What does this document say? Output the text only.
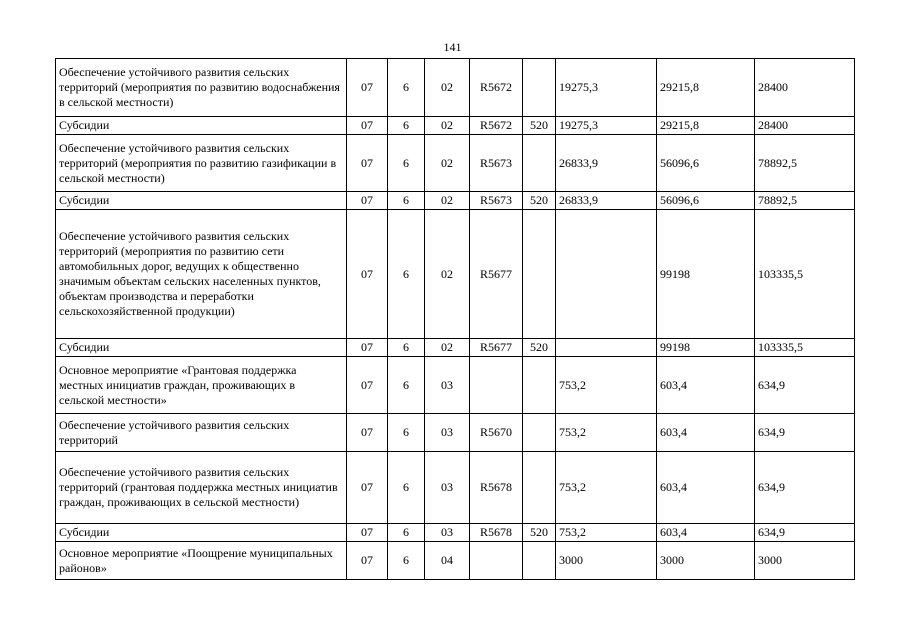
141
Обеспечение устойчивого развития сельских территорий (мероприятия по развитию водоснабжения в сельской местности)	07	6	02	R5672		19275,3	29215,8	28400
Субсидии	07	6	02	R5672	520	19275,3	29215,8	28400
Обеспечение устойчивого развития сельских территорий (мероприятия по развитию газификации в сельской местности)	07	6	02	R5673		26833,9	56096,6	78892,5
Субсидии	07	6	02	R5673	520	26833,9	56096,6	78892,5
Обеспечение устойчивого развития сельских территорий (мероприятия по развитию сети автомобильных дорог, ведущих к общественно значимым объектам сельских населенных пунктов, объектам производства и переработки сельскохозяйственной продукции)	07	6	02	R5677			99198	103335,5
Субсидии	07	6	02	R5677	520		99198	103335,5
Основное мероприятие «Грантовая поддержка местных инициатив граждан, проживающих в сельской местности»	07	6	03			753,2	603,4	634,9
Обеспечение устойчивого развития сельских территорий	07	6	03	R5670		753,2	603,4	634,9
Обеспечение устойчивого развития сельских территорий (грантовая поддержка местных инициатив граждан, проживающих в сельской местности)	07	6	03	R5678		753,2	603,4	634,9
Субсидии	07	6	03	R5678	520	753,2	603,4	634,9
Основное мероприятие «Поощрение муниципальных районов»	07	6	04			3000	3000	3000
